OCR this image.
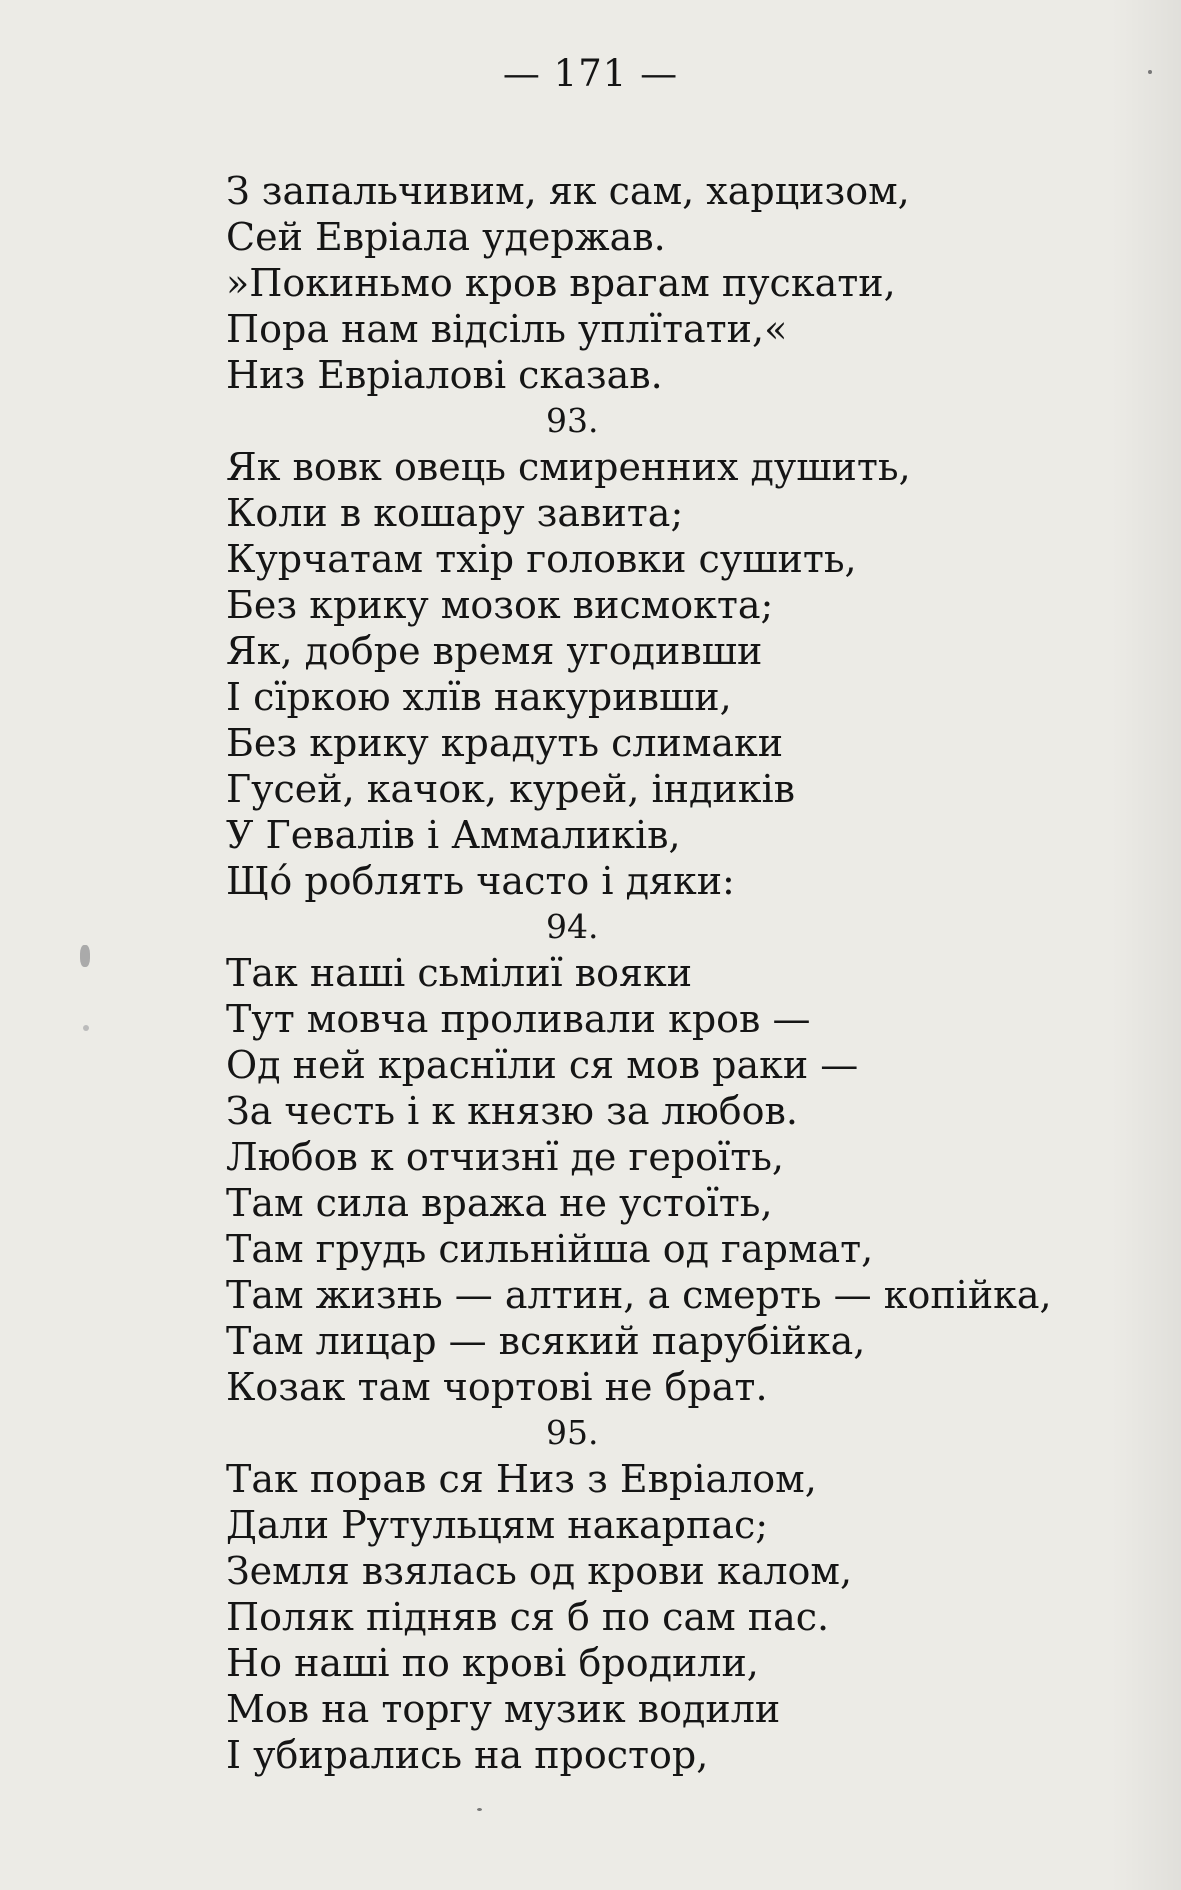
— 171 —
З запальчивим, як сам, харцизом,
Сей Евріала удержав.
»Покиньмо кров врагам пускати,
Пора нам відсіль уплїтати,«
Низ Евріалові сказав.
93.
Як вовк овець смиренних душить,
Коли в кошару завита;
Курчатам тхір головки сушить,
Без крику мозок висмокта;
Як, добре время угодивши
І сїркою хлїв накуривши,
Без крику крадуть слимаки
Гусей, качок, курей, індиків
У Гевалів і Аммаликів,
Щó роблять часто і дяки:
94.
Так наші сьмілиї вояки
Тут мовча проливали кров —
Од ней краснїли ся мов раки —
За честь і к князю за любов.
Любов к отчизнї де героїть,
Там сила вража не устоїть,
Там грудь сильнійша од гармат,
Там жизнь — алтин, а смерть — копійка,
Там лицар — всякий парубійка,
Козак там чортові не брат.
95.
Так порав ся Низ з Евріалом,
Дали Рутульцям накарпас;
Земля взялась од крови калом,
Поляк підняв ся б по сам пас.
Но наші по крові бродили,
Мов на торгу музик водили
І убирались на простор,
